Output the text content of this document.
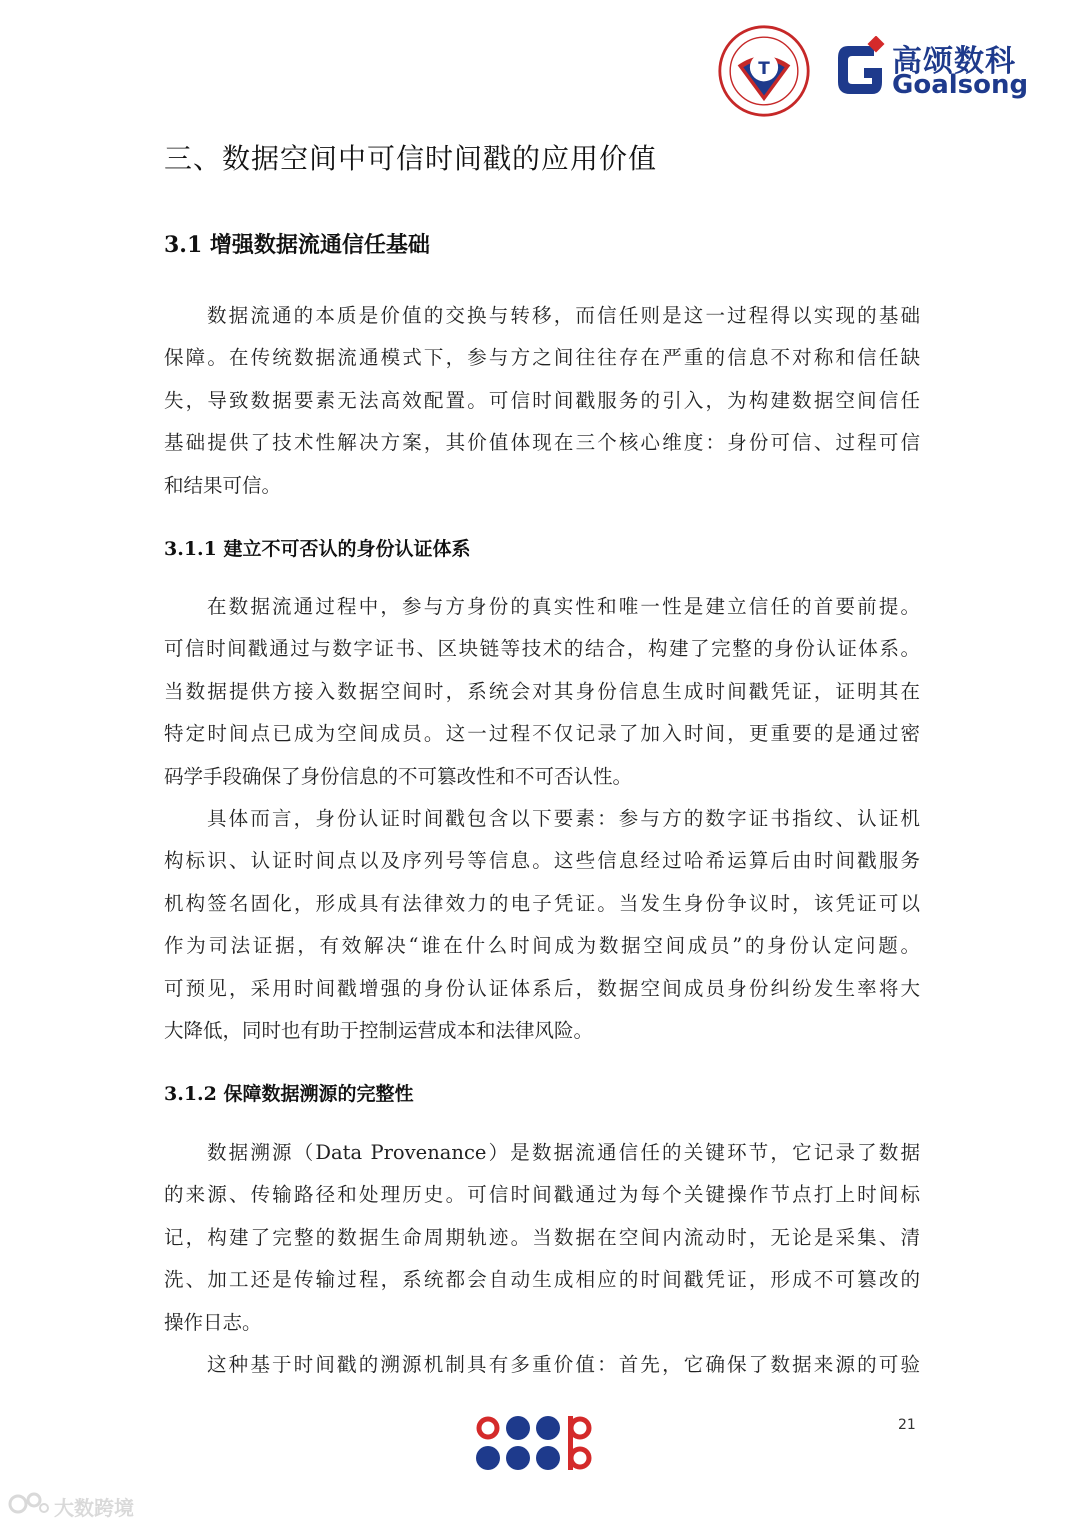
T	高颂数科
Goalsong
三、数据空间中可信时间戳的应用价值
3.1 增强数据流通信任基础
数据流通的本质是价值的交换与转移，而信任则是这一过程得以实现的基础
保障。在传统数据流通模式下，参与方之间往往存在严重的信息不对称和信任缺
失，导致数据要素无法高效配置。可信时间戳服务的引入，为构建数据空间信任
基础提供了技术性解决方案，其价值体现在三个核心维度：身份可信、过程可信
和结果可信。
3.1.1 建立不可否认的身份认证体系
在数据流通过程中，参与方身份的真实性和唯一性是建立信任的首要前提。
可信时间戳通过与数字证书、区块链等技术的结合，构建了完整的身份认证体系。
当数据提供方接入数据空间时，系统会对其身份信息生成时间戳凭证，证明其在
特定时间点已成为空间成员。这一过程不仅记录了加入时间，更重要的是通过密
码学手段确保了身份信息的不可篡改性和不可否认性。
具体而言，身份认证时间戳包含以下要素：参与方的数字证书指纹、认证机
构标识、认证时间点以及序列号等信息。这些信息经过哈希运算后由时间戳服务
机构签名固化，形成具有法律效力的电子凭证。当发生身份争议时，该凭证可以
作为司法证据，有效解决“谁在什么时间成为数据空间成员”的身份认定问题。
可预见，采用时间戳增强的身份认证体系后，数据空间成员身份纠纷发生率将大
大降低，同时也有助于控制运营成本和法律风险。
3.1.2 保障数据溯源的完整性
数据溯源（Data Provenance）是数据流通信任的关键环节，它记录了数据
的来源、传输路径和处理历史。可信时间戳通过为每个关键操作节点打上时间标
记，构建了完整的数据生命周期轨迹。当数据在空间内流动时，无论是采集、清
洗、加工还是传输过程，系统都会自动生成相应的时间戳凭证，形成不可篡改的
操作日志。
这种基于时间戳的溯源机制具有多重价值：首先，它确保了数据来源的可验
21
大数跨境
